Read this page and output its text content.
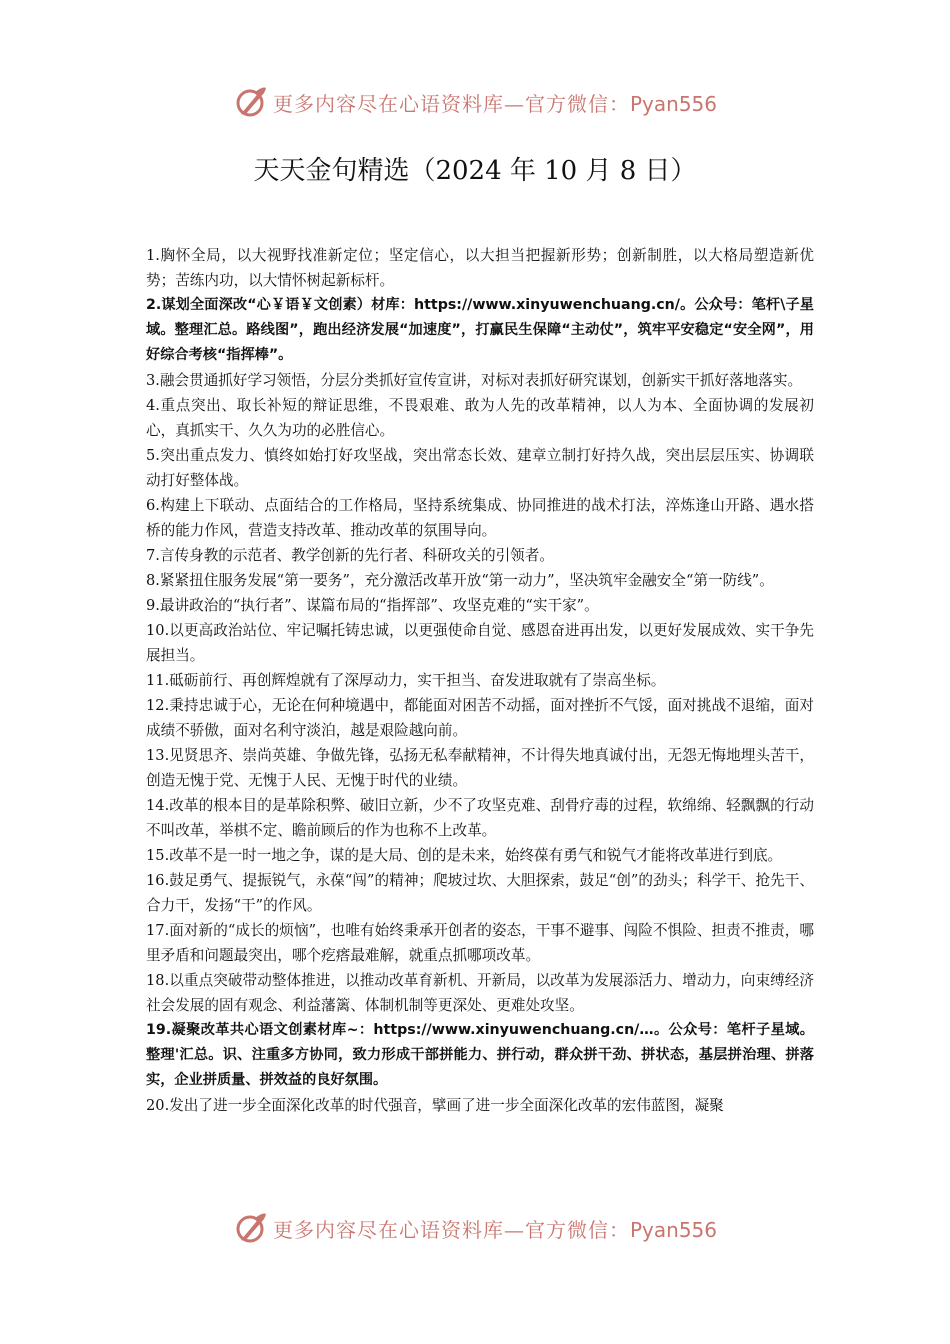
更多内容尽在心语资料库—官方微信：Pyan556
天天金句精选（2024 年 10 月 8 日）

1.胸怀全局，以大视野找准新定位；坚定信心，以大担当把握新形势；创新制胜，以大格局塑造新优势；苦练内功，以大情怀树起新标杆。

2.谋划全面深改“心￥语￥文创素）材库：https://www.xinyuwenchuang.cn/。公众号：笔杆\子星域。整理汇总。路线图”，跑出经济发展“加速度”，打赢民生保障“主动仗”，筑牢平安稳定“安全网”，用好综合考核“指挥棒”。

3.融会贯通抓好学习领悟，分层分类抓好宣传宣讲，对标对表抓好研究谋划，创新实干抓好落地落实。

4.重点突出、取长补短的辩证思维，不畏艰难、敢为人先的改革精神，以人为本、全面协调的发展初心，真抓实干、久久为功的必胜信心。

5.突出重点发力、慎终如始打好攻坚战，突出常态长效、建章立制打好持久战，突出层层压实、协调联动打好整体战。

6.构建上下联动、点面结合的工作格局，坚持系统集成、协同推进的战术打法，淬炼逢山开路、遇水搭桥的能力作风，营造支持改革、推动改革的氛围导向。

7.言传身教的示范者、教学创新的先行者、科研攻关的引领者。

8.紧紧扭住服务发展“第一要务”，充分激活改革开放“第一动力”，坚决筑牢金融安全“第一防线”。

9.最讲政治的“执行者”、谋篇布局的“指挥部”、攻坚克难的“实干家”。

10.以更高政治站位、牢记嘱托铸忠诚，以更强使命自觉、感恩奋进再出发，以更好发展成效、实干争先展担当。

11.砥砺前行、再创辉煌就有了深厚动力，实干担当、奋发进取就有了崇高坐标。

12.秉持忠诚于心，无论在何种境遇中，都能面对困苦不动摇，面对挫折不气馁，面对挑战不退缩，面对成绩不骄傲，面对名利守淡泊，越是艰险越向前。

13.见贤思齐、崇尚英雄、争做先锋，弘扬无私奉献精神，不计得失地真诚付出，无怨无悔地埋头苦干，创造无愧于党、无愧于人民、无愧于时代的业绩。

14.改革的根本目的是革除积弊、破旧立新，少不了攻坚克难、刮骨疗毒的过程，软绵绵、轻飘飘的行动不叫改革，举棋不定、瞻前顾后的作为也称不上改革。

15.改革不是一时一地之争，谋的是大局、创的是未来，始终葆有勇气和锐气才能将改革进行到底。

16.鼓足勇气、提振锐气，永葆“闯”的精神；爬坡过坎、大胆探索，鼓足“创”的劲头；科学干、抢先干、合力干，发扬“干”的作风。

17.面对新的“成长的烦恼”，也唯有始终秉承开创者的姿态，干事不避事、闯险不惧险、担责不推责，哪里矛盾和问题最突出，哪个疙瘩最难解，就重点抓哪项改革。

18.以重点突破带动整体推进，以推动改革育新机、开新局，以改革为发展添活力、增动力，向束缚经济社会发展的固有观念、利益藩篱、体制机制等更深处、更难处攻坚。

19.凝聚改革共心语文创素材库~：https://www.xinyuwenchuang.cn/…。公众号：笔杆子星域。整理'汇总。识、注重多方协同，致力形成干部拼能力、拼行动，群众拼干劲、拼状态，基层拼治理、拼落实，企业拼质量、拼效益的良好氛围。

20.发出了进一步全面深化改革的时代强音，擘画了进一步全面深化改革的宏伟蓝图，凝聚

更多内容尽在心语资料库—官方微信：Pyan556
